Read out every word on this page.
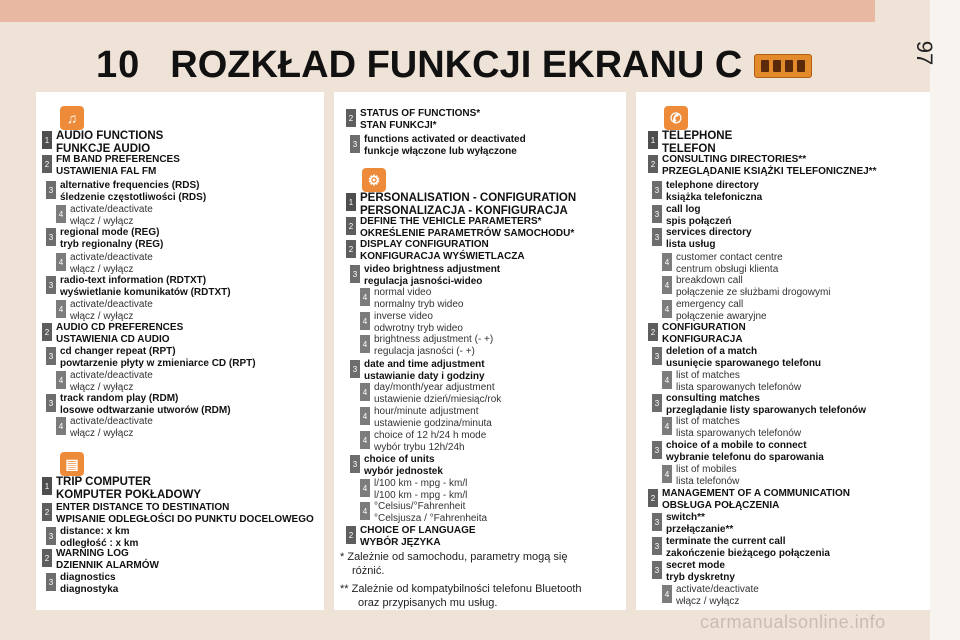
97
10 ROZKŁAD FUNKCJI EKRANU C
♫
▤
⚙
✆
1 AUDIO FUNCTIONS
FUNKCJE AUDIO
2 FM BAND PREFERENCES
USTAWIENIA FAL FM
3 alternative frequencies (RDS)
śledzenie częstotliwości (RDS)
4 activate/deactivate
włącz / wyłącz
3 regional mode (REG)
tryb regionalny (REG)
4 activate/deactivate
włącz / wyłącz
3 radio-text information (RDTXT)
wyświetlanie komunikatów (RDTXT)
4 activate/deactivate
włącz / wyłącz
2 AUDIO CD PREFERENCES
USTAWIENIA CD AUDIO
3 cd changer repeat (RPT)
powtarzenie płyty w zmieniarce CD (RPT)
4 activate/deactivate
włącz / wyłącz
3 track random play (RDM)
losowe odtwarzanie utworów (RDM)
4 activate/deactivate
włącz / wyłącz
1 TRIP COMPUTER
KOMPUTER POKŁADOWY
2 ENTER DISTANCE TO DESTINATION
WPISANIE ODLEGŁOŚCI DO PUNKTU DOCELOWEGO
3 distance: x km
odległość : x km
2 WARNING LOG
DZIENNIK ALARMÓW
3 diagnostics
diagnostyka
2 STATUS OF FUNCTIONS*
STAN FUNKCJI*
3 functions activated or deactivated
funkcje włączone lub wyłączone
1 PERSONALISATION - CONFIGURATION
PERSONALIZACJA - KONFIGURACJA
2 DEFINE THE VEHICLE PARAMETERS*
OKREŚLENIE PARAMETRÓW SAMOCHODU*
2 DISPLAY CONFIGURATION
KONFIGURACJA WYŚWIETLACZA
3 video brightness adjustment
regulacja jasności-wideo
4 normal video
normalny tryb wideo
4 inverse video
odwrotny tryb wideo
4 brightness adjustment (- +)
regulacja jasności (- +)
3 date and time adjustment
ustawianie daty i godziny
4 day/month/year adjustment
ustawienie dzień/miesiąc/rok
4 hour/minute adjustment
ustawienie godzina/minuta
4 choice of 12 h/24 h mode
wybór trybu 12h/24h
3 choice of units
wybór jednostek
4 l/100 km - mpg - km/l
l/100 km - mpg - km/l
4 °Celsius/°Fahrenheit
°Celsjusza / °Fahrenheita
2 CHOICE OF LANGUAGE
WYBÓR JĘZYKA
1 TELEPHONE
TELEFON
2 CONSULTING DIRECTORIES**
PRZEGLĄDANIE KSIĄŻKI TELEFONICZNEJ**
3 telephone directory
książka telefoniczna
3 call log
spis połączeń
3 services directory
lista usług
4 customer contact centre
centrum obsługi klienta
4 breakdown call
połączenie ze służbami drogowymi
4 emergency call
połączenie awaryjne
2 CONFIGURATION
KONFIGURACJA
3 deletion of a match
usunięcie sparowanego telefonu
4 list of matches
lista sparowanych telefonów
3 consulting matches
przeglądanie listy sparowanych telefonów
4 list of matches
lista sparowanych telefonów
3 choice of a mobile to connect
wybranie telefonu do sparowania
4 list of mobiles
lista telefonów
2 MANAGEMENT OF A COMMUNICATION
OBSŁUGA POŁĄCZENIA
3 switch**
przełączanie**
3 terminate the current call
zakończenie bieżącego połączenia
3 secret mode
tryb dyskretny
4 activate/deactivate
włącz / wyłącz
* Zależnie od samochodu, parametry mogą się
różnić.
** Zależnie od kompatybilności telefonu Bluetooth
oraz przypisanych mu usług.
carmanualsonline.info
